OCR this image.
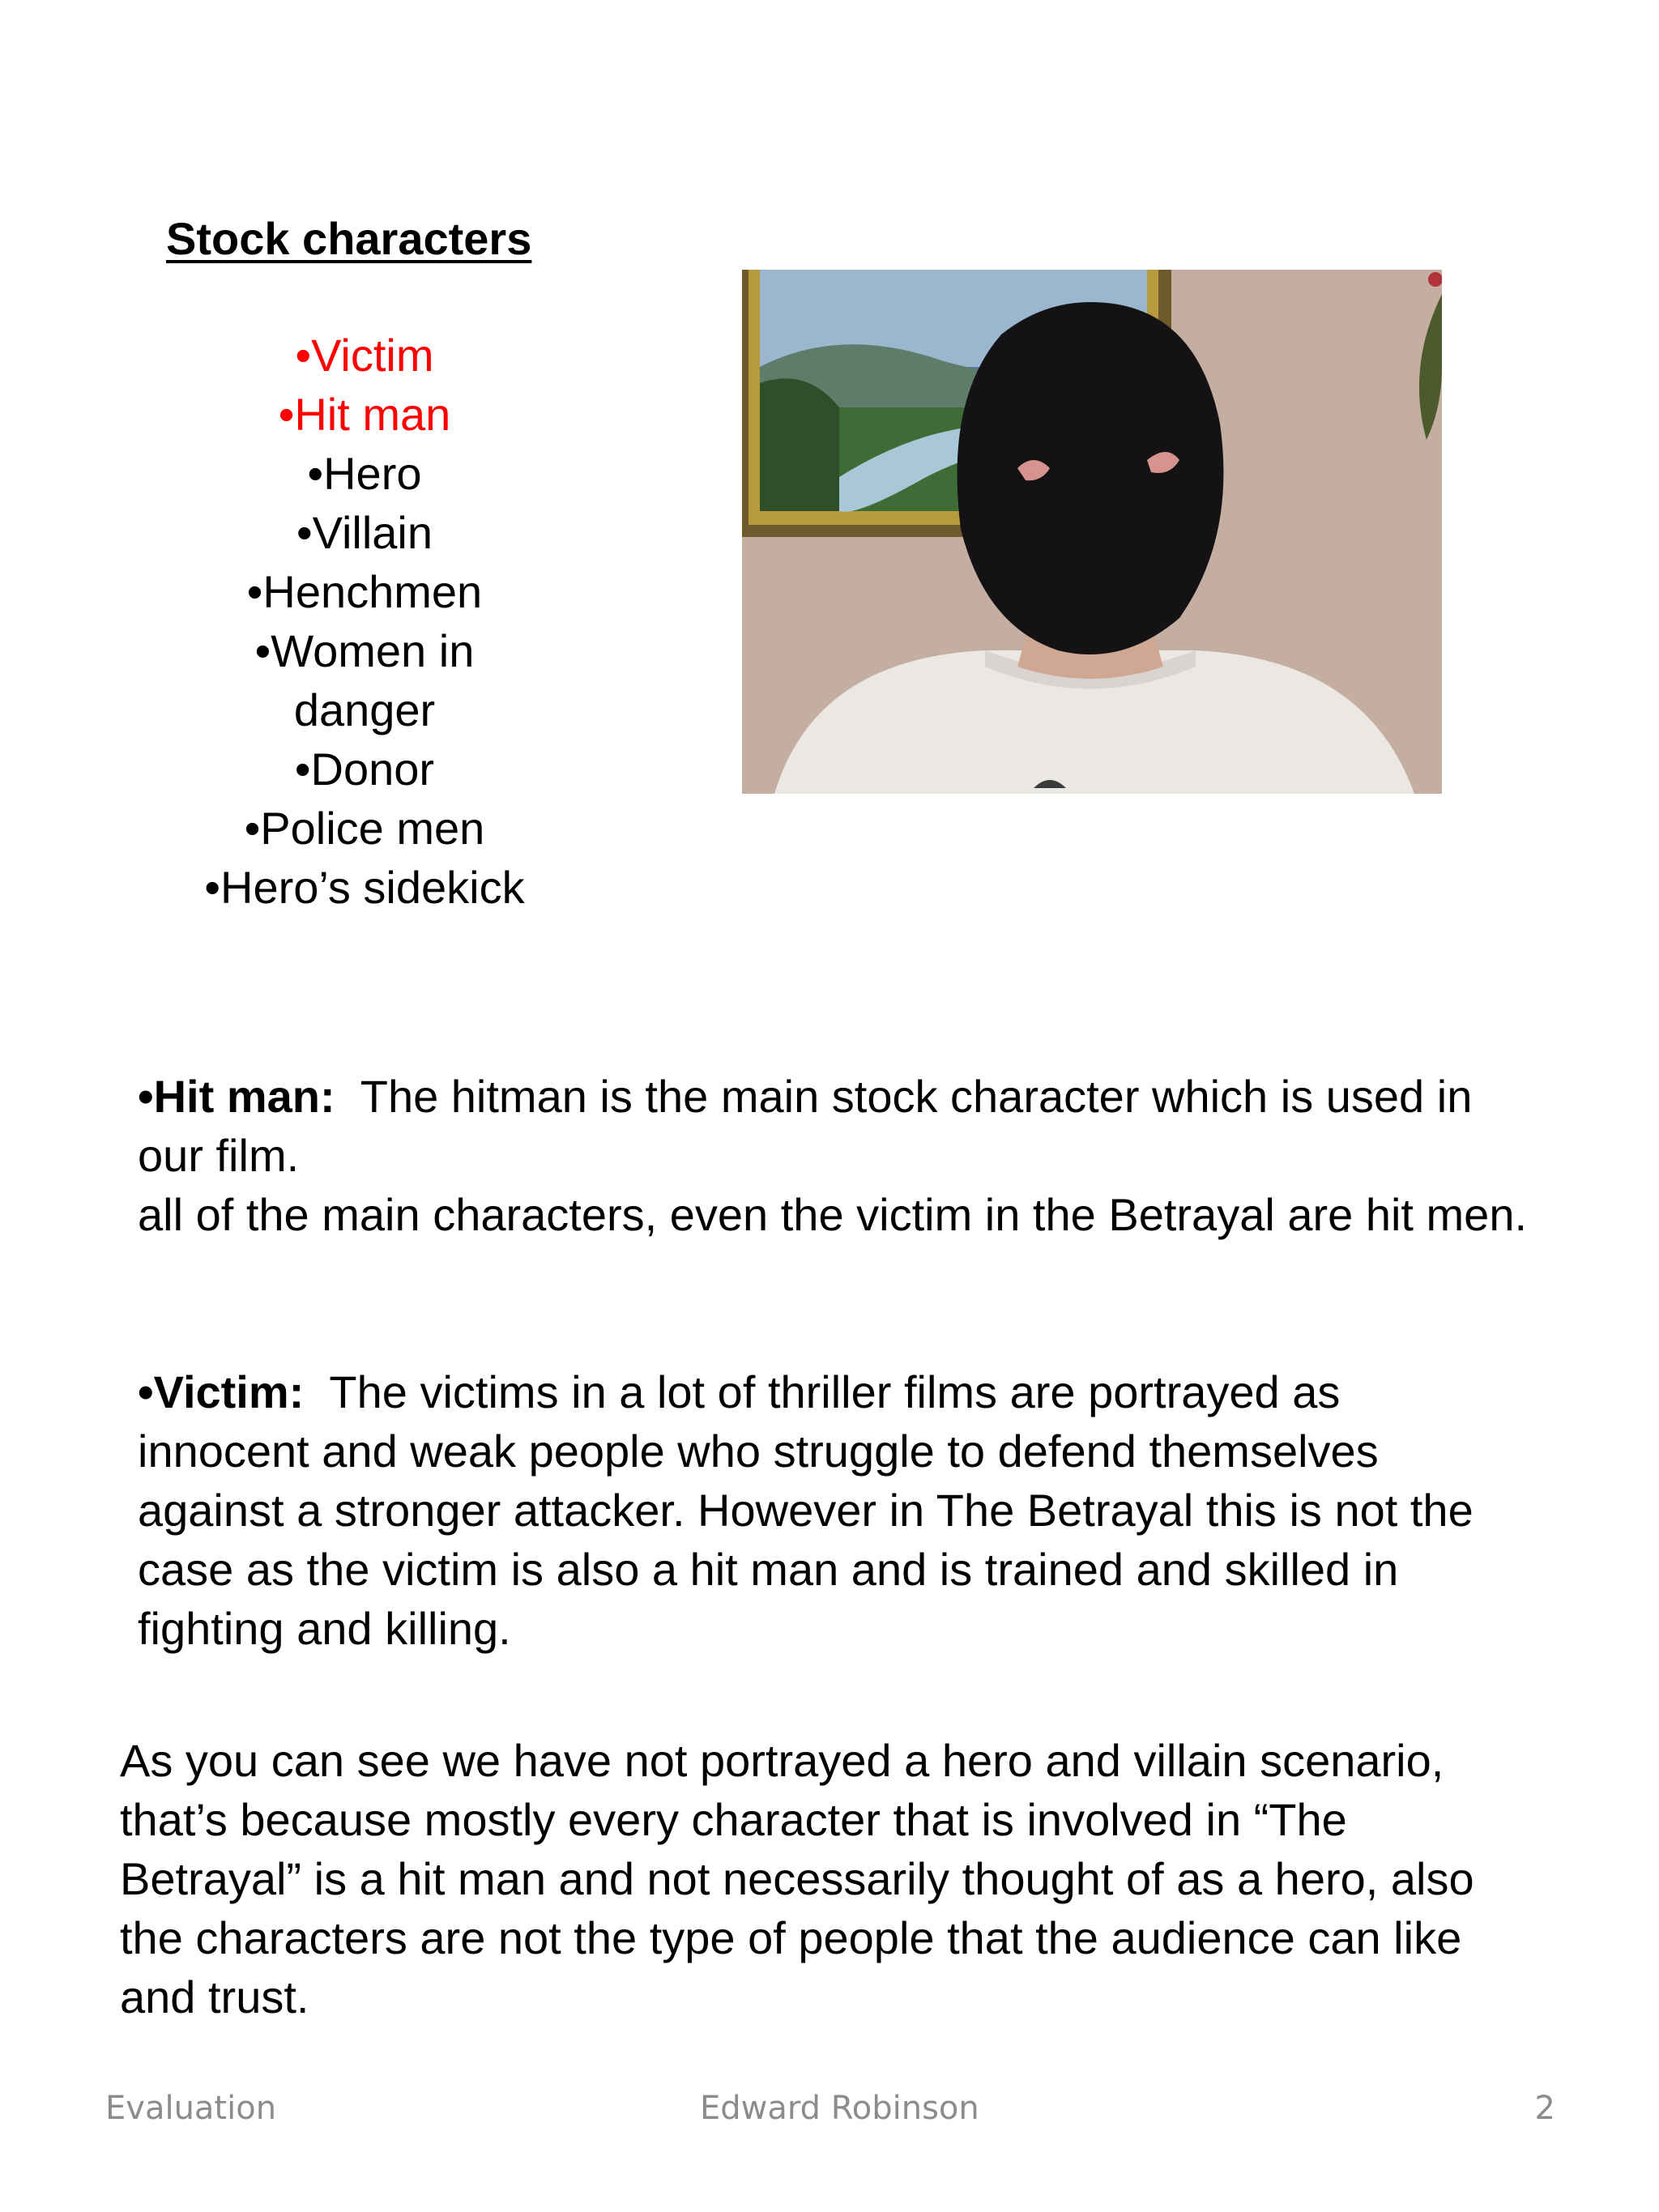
Stock characters
•Victim
•Hit man
•Hero
•Villain
•Henchmen
•Women in danger
•Donor
•Police men
•Hero’s sidekick

•Hit man: The hitman is the main stock character which is used in our film.
all of the main characters, even the victim in the Betrayal are hit men.

•Victim: The victims in a lot of thriller films are portrayed as innocent and weak people who struggle to defend themselves against a stronger attacker. However in The Betrayal this is not the case as the victim is also a hit man and is trained and skilled in fighting and killing.

As you can see we have not portrayed a hero and villain scenario, that’s because mostly every character that is involved in “The Betrayal” is a hit man and not necessarily thought of as a hero, also the characters are not the type of people that the audience can like and trust.

Evaluation	Edward Robinson	2
